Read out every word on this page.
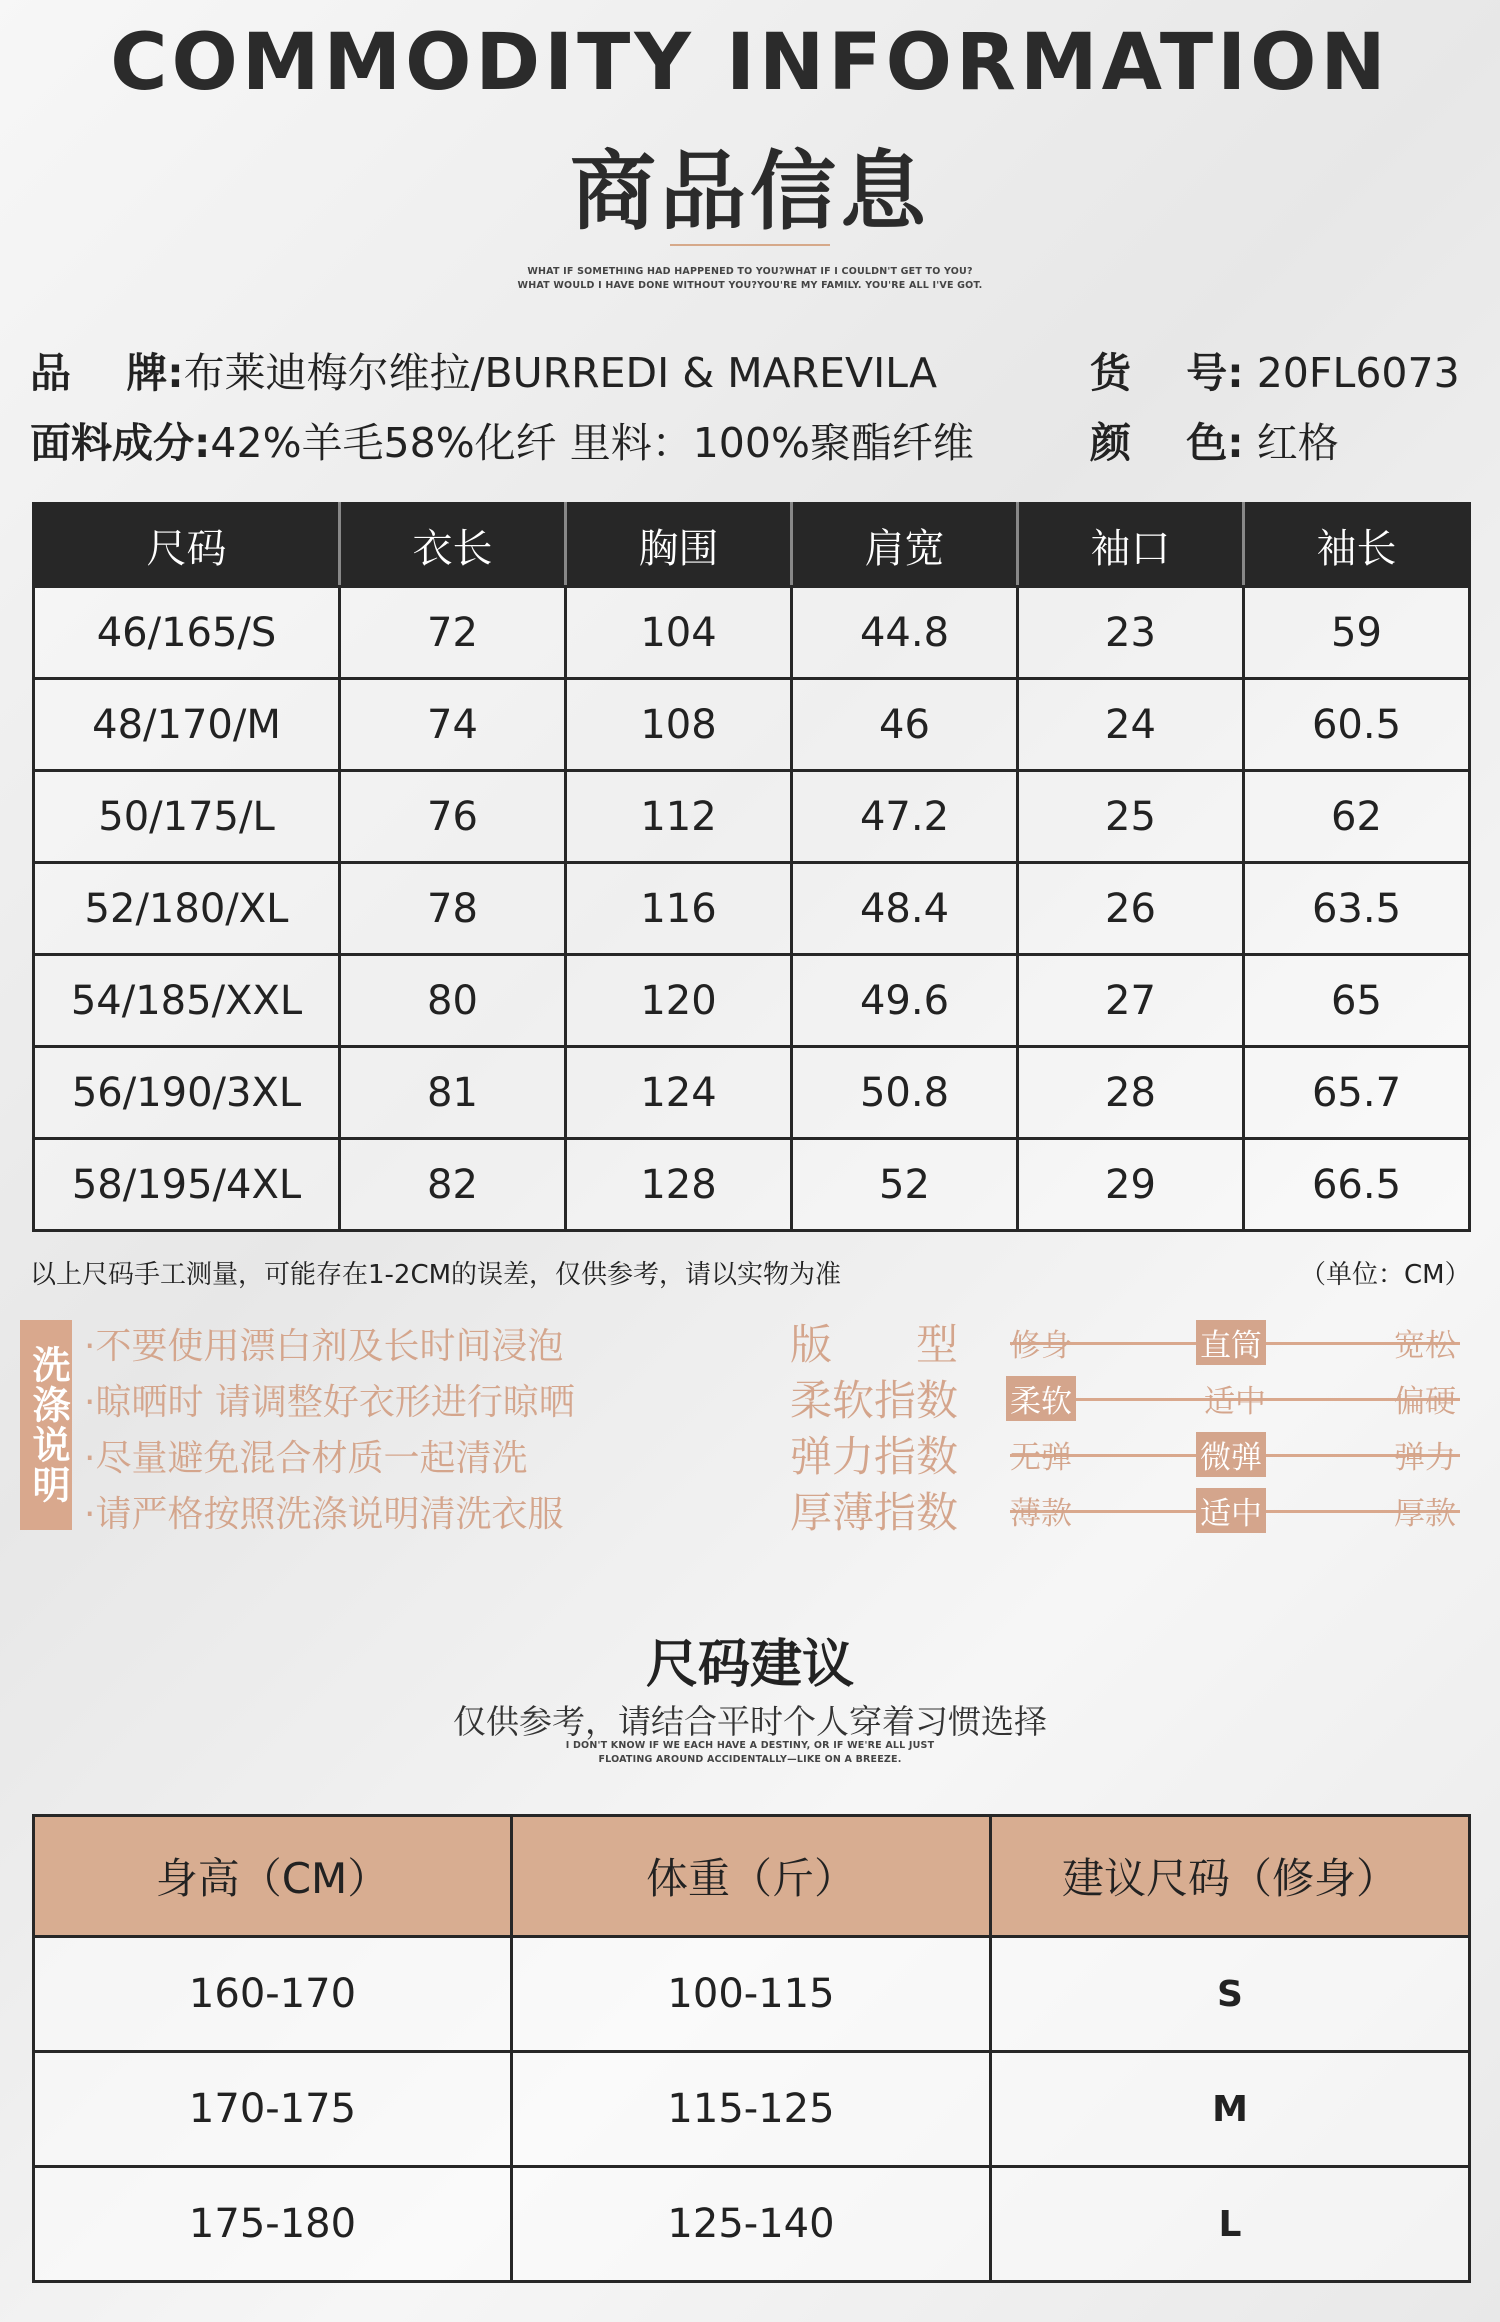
COMMODITY INFORMATION
商品信息
WHAT IF SOMETHING HAD HAPPENED TO YOU?WHAT IF I COULDN'T GET TO YOU?
WHAT WOULD I HAVE DONE WITHOUT YOU?YOU'RE MY FAMILY. YOU'RE ALL I'VE GOT.
品　 牌:布莱迪梅尔维拉/BURREDI & MAREVILA	货　 号: 20FL6073
面料成分:42%羊毛58%化纤 里料：100%聚酯纤维	颜　 色: 红格
尺码	衣长	胸围	肩宽	袖口	袖长
46/165/S	72	104	44.8	23	59
48/170/M	74	108	46	24	60.5
50/175/L	76	112	47.2	25	62
52/180/XL	78	116	48.4	26	63.5
54/185/XXL	80	120	49.6	27	65
56/190/3XL	81	124	50.8	28	65.7
58/195/4XL	82	128	52	29	66.5
以上尺码手工测量，可能存在1-2CM的误差，仅供参考，请以实物为准	（单位：CM）
洗涤说明 ·不要使用漂白剂及长时间浸泡
·晾晒时 请调整好衣形进行晾晒
·尽量避免混合材质一起清洗
·请严格按照洗涤说明清洗衣服
版　　型	修身	直筒	宽松
柔软指数	柔软	适中	偏硬
弹力指数	无弹	微弹	弹力
厚薄指数	薄款	适中	厚款
尺码建议
仅供参考，请结合平时个人穿着习惯选择
I DON'T KNOW IF WE EACH HAVE A DESTINY, OR IF WE'RE ALL JUST
FLOATING AROUND ACCIDENTALLY—LIKE ON A BREEZE.
身高（CM）	体重（斤）	建议尺码（修身）
160-170	100-115	S
170-175	115-125	M
175-180	125-140	L
